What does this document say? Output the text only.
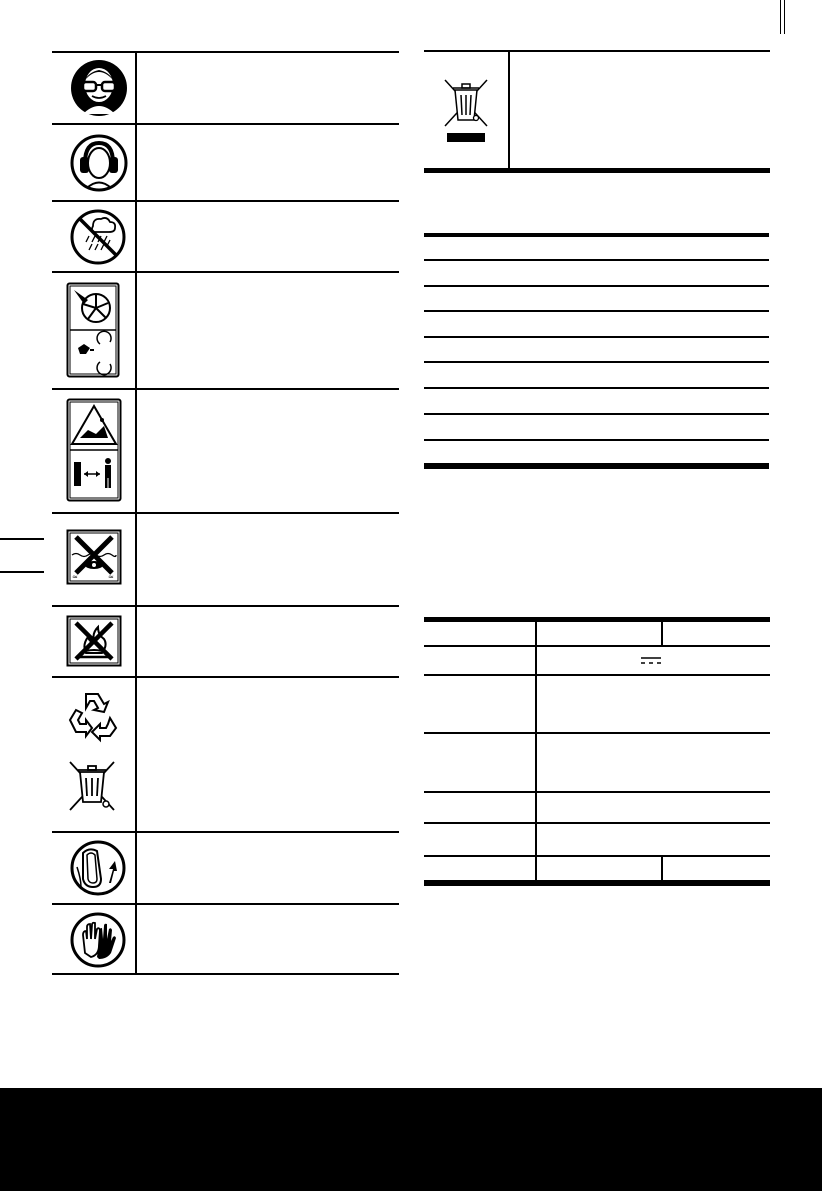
≈	≈
